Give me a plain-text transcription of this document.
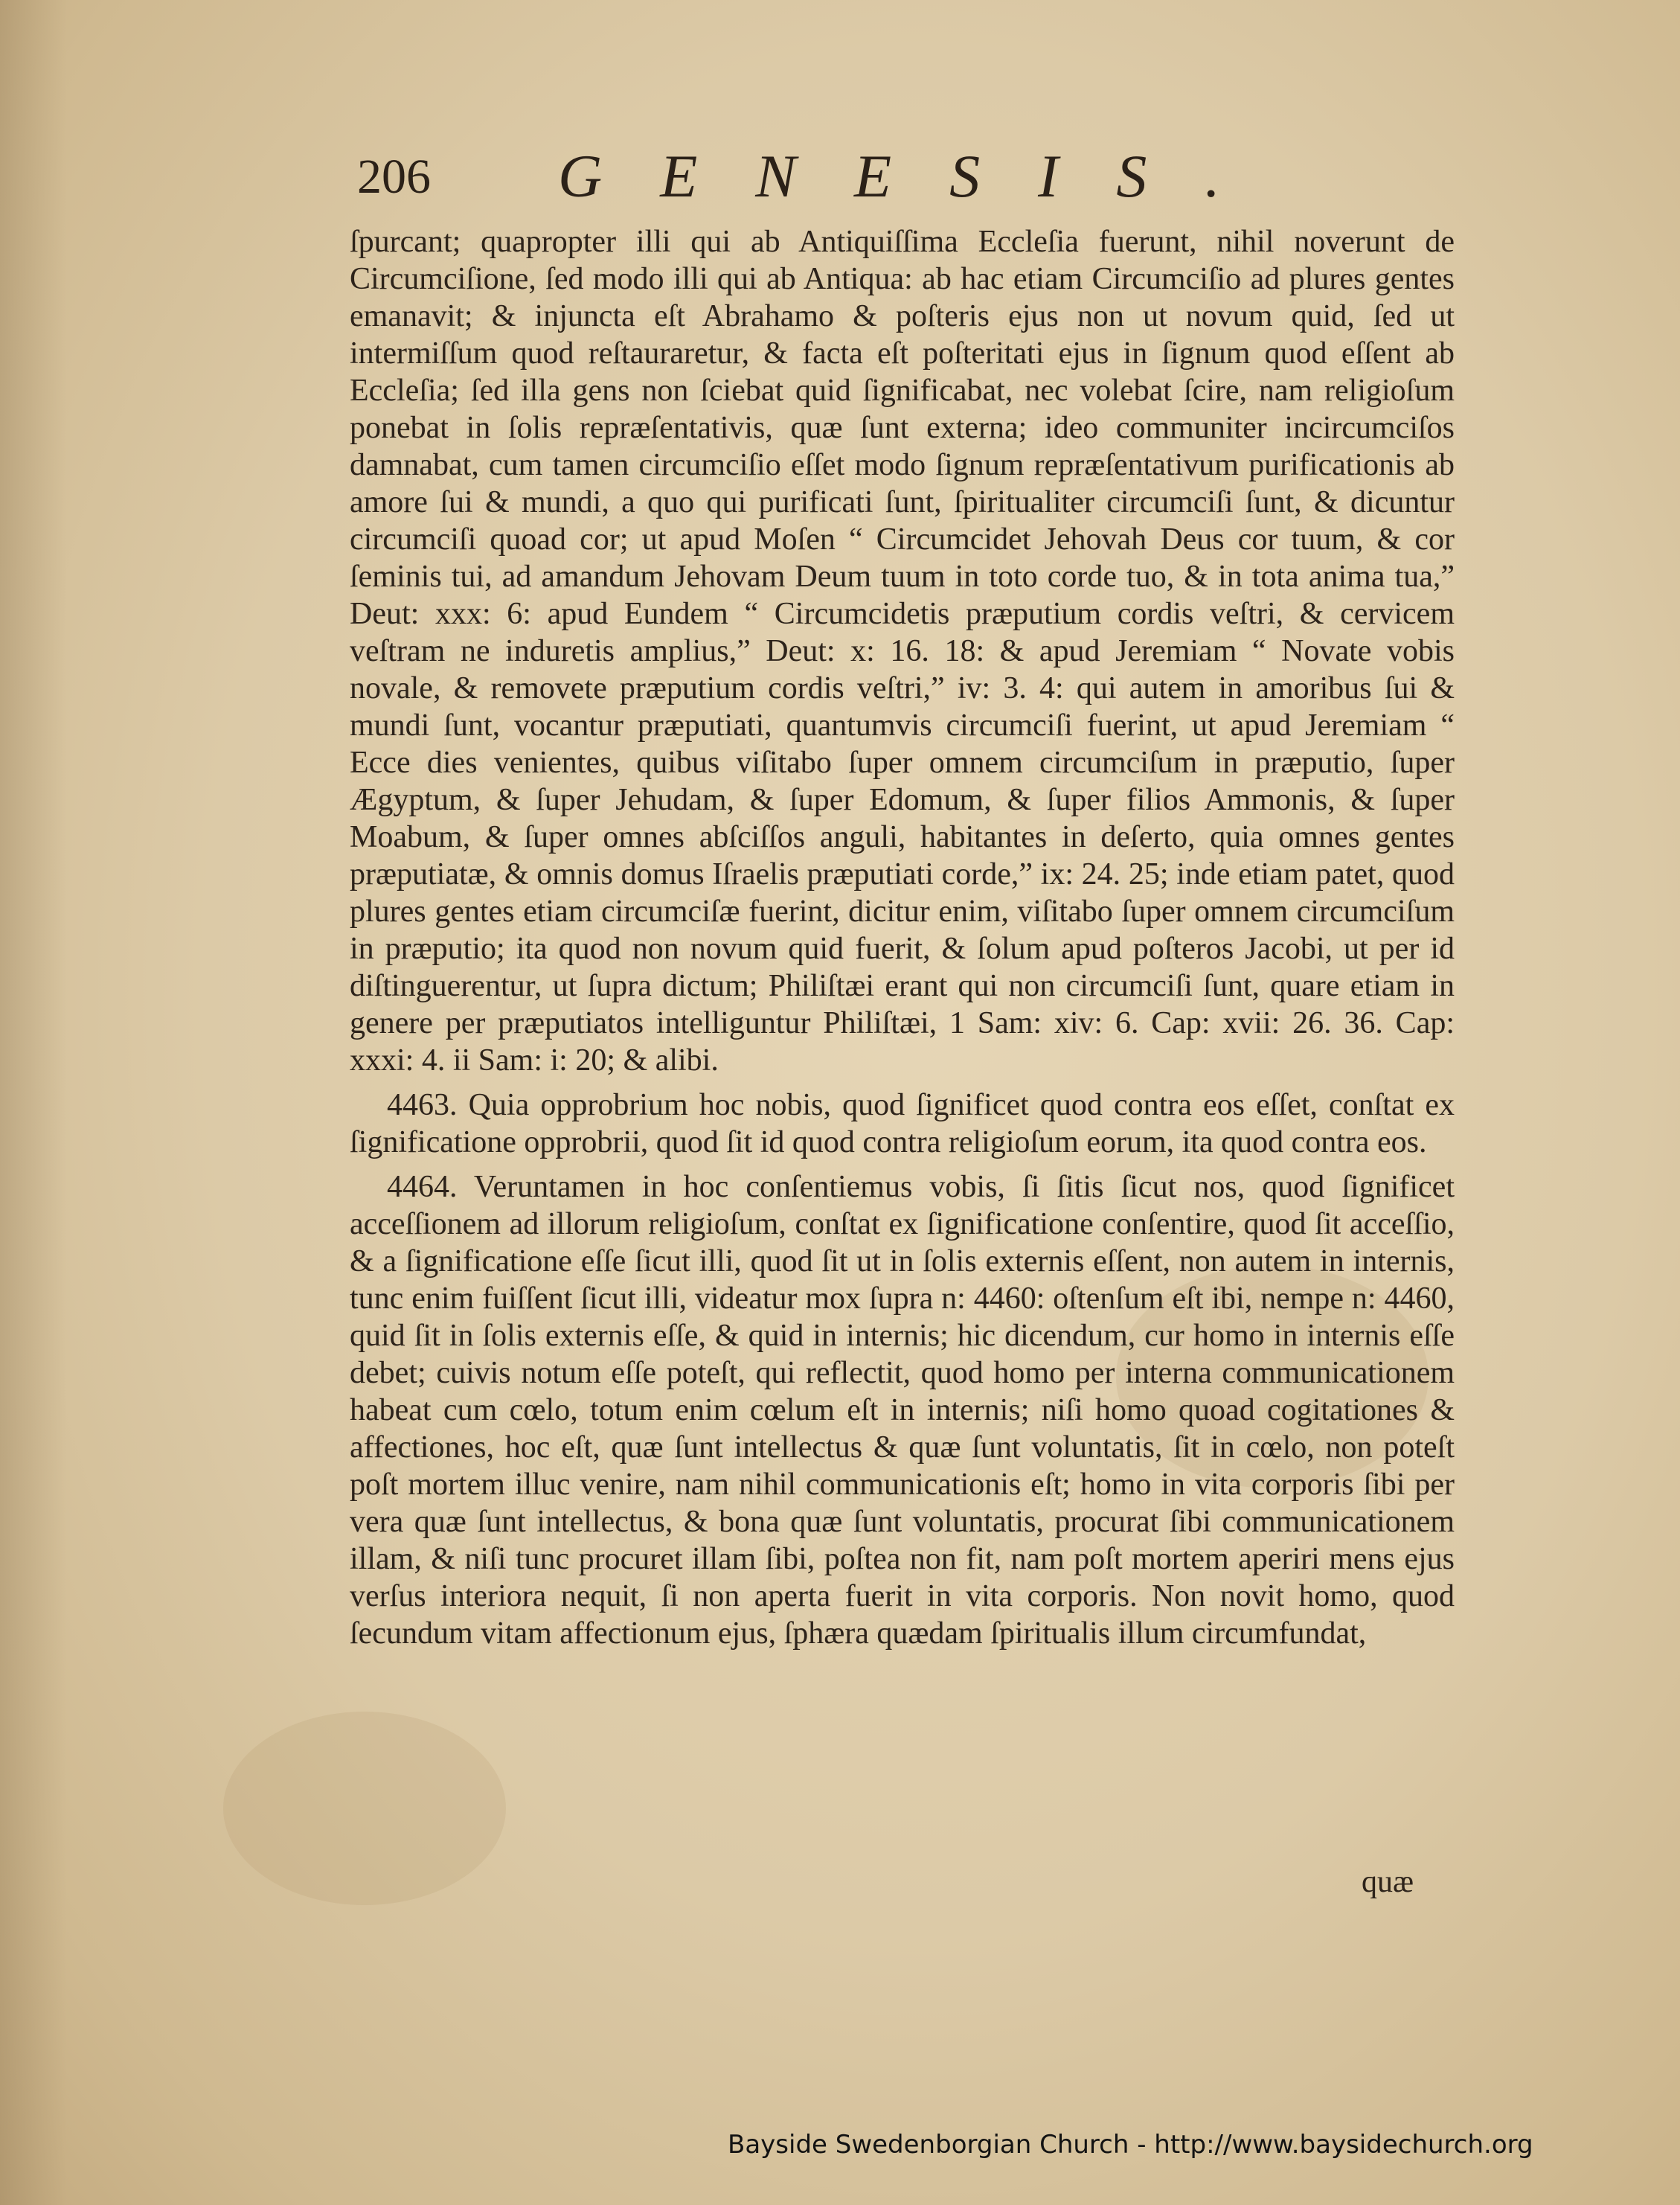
206 GENESIS.

ſpurcant; quapropter illi qui ab Antiquiſſima Eccleſia fuerunt, nihil noverunt de Circumciſione, ſed modo illi qui ab Antiqua: ab hac etiam Circumciſio ad plures gentes emanavit; & injuncta eſt Abrahamo & poſteris ejus non ut novum quid, ſed ut intermiſſum quod reſtauraretur, & facta eſt poſteritati ejus in ſignum quod eſſent ab Eccleſia; ſed illa gens non ſciebat quid ſignificabat, nec volebat ſcire, nam religioſum ponebat in ſolis repræſentativis, quæ ſunt externa; ideo communiter incircumciſos damnabat, cum tamen circumciſio eſſet modo ſignum repræſentativum purificationis ab amore ſui & mundi, a quo qui purificati ſunt, ſpiritualiter circumciſi ſunt, & dicuntur circumciſi quoad cor; ut apud Moſen “ Circumcidet Jehovah Deus cor tuum, & cor ſeminis tui, ad amandum Jehovam Deum tuum in toto corde tuo, & in tota anima tua,” Deut: xxx: 6: apud Eundem “ Circumcidetis præputium cordis veſtri, & cervicem veſtram ne induretis amplius,” Deut: x: 16. 18: & apud Jeremiam “ Novate vobis novale, & removete præputium cordis veſtri,” iv: 3. 4: qui autem in amoribus ſui & mundi ſunt, vocantur præputiati, quantumvis circumciſi fuerint, ut apud Jeremiam “ Ecce dies venientes, quibus viſitabo ſuper omnem circumciſum in præputio, ſuper Ægyptum, & ſuper Jehudam, & ſuper Edomum, & ſuper filios Ammonis, & ſuper Moabum, & ſuper omnes abſciſſos anguli, habitantes in deſerto, quia omnes gentes præputiatæ, & omnis domus Iſraelis præputiati corde,” ix: 24. 25; inde etiam patet, quod plures gentes etiam circumciſæ fuerint, dicitur enim, viſitabo ſuper omnem circumciſum in præputio; ita quod non novum quid fuerit, & ſolum apud poſteros Jacobi, ut per id diſtinguerentur, ut ſupra dictum; Philiſtæi erant qui non circumciſi ſunt, quare etiam in genere per præputiatos intelliguntur Philiſtæi, 1 Sam: xiv: 6. Cap: xvii: 26. 36. Cap: xxxi: 4. ii Sam: i: 20; & alibi.

4463. Quia opprobrium hoc nobis, quod ſignificet quod contra eos eſſet, conſtat ex ſignificatione opprobrii, quod ſit id quod contra religioſum eorum, ita quod contra eos.

4464. Veruntamen in hoc conſentiemus vobis, ſi ſitis ſicut nos, quod ſignificet acceſſionem ad illorum religioſum, conſtat ex ſignificatione conſentire, quod ſit acceſſio, & a ſignificatione eſſe ſicut illi, quod ſit ut in ſolis externis eſſent, non autem in internis, tunc enim fuiſſent ſicut illi, videatur mox ſupra n: 4460: oſtenſum eſt ibi, nempe n: 4460, quid ſit in ſolis externis eſſe, & quid in internis; hic dicendum, cur homo in internis eſſe debet; cuivis notum eſſe poteſt, qui reflectit, quod homo per interna communicationem habeat cum cœlo, totum enim cœlum eſt in internis; niſi homo quoad cogitationes & affectiones, hoc eſt, quæ ſunt intellectus & quæ ſunt voluntatis, ſit in cœlo, non poteſt poſt mortem illuc venire, nam nihil communicationis eſt; homo in vita corporis ſibi per vera quæ ſunt intellectus, & bona quæ ſunt voluntatis, procurat ſibi communicationem illam, & niſi tunc procuret illam ſibi, poſtea non fit, nam poſt mortem aperiri mens ejus verſus interiora nequit, ſi non aperta fuerit in vita corporis. Non novit homo, quod ſecundum vitam affectionum ejus, ſphæra quædam ſpiritualis illum circumfundat,

quæ
Bayside Swedenborgian Church - http://www.baysidechurch.org
